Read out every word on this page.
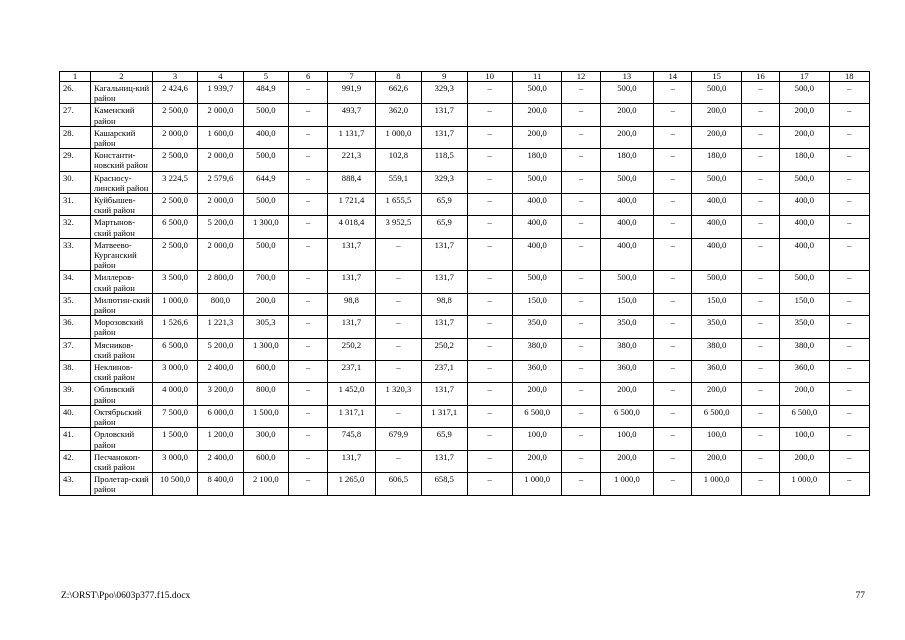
1	2	3	4	5	6	7	8	9	10	11	12	13	14	15	16	17	18
26.	Кагальниц-кий район	2 424,6	1 939,7	484,9	–	991,9	662,6	329,3	–	500,0	–	500,0	–	500,0	–	500,0	–
27.	Каменский район	2 500,0	2 000,0	500,0	–	493,7	362,0	131,7	–	200,0	–	200,0	–	200,0	–	200,0	–
28.	Кашарский район	2 000,0	1 600,0	400,0	–	1 131,7	1 000,0	131,7	–	200,0	–	200,0	–	200,0	–	200,0	–
29.	Константи-новский район	2 500,0	2 000,0	500,0	–	221,3	102,8	118,5	–	180,0	–	180,0	–	180,0	–	180,0	–
30.	Красносу-линский район	3 224,5	2 579,6	644,9	–	888,4	559,1	329,3	–	500,0	–	500,0	–	500,0	–	500,0	–
31.	Куйбышев-ский район	2 500,0	2 000,0	500,0	–	1 721,4	1 655,5	65,9	–	400,0	–	400,0	–	400,0	–	400,0	–
32.	Мартынов-ский район	6 500,0	5 200,0	1 300,0	–	4 018,4	3 952,5	65,9	–	400,0	–	400,0	–	400,0	–	400,0	–
33.	Матвеево-Курганский район	2 500,0	2 000,0	500,0	–	131,7	–	131,7	–	400,0	–	400,0	–	400,0	–	400,0	–
34.	Миллеров-ский район	3 500,0	2 800,0	700,0	–	131,7	–	131,7	–	500,0	–	500,0	–	500,0	–	500,0	–
35.	Милютин-ский район	1 000,0	800,0	200,0	–	98,8	–	98,8	–	150,0	–	150,0	–	150,0	–	150,0	–
36.	Морозовский район	1 526,6	1 221,3	305,3	–	131,7	–	131,7	–	350,0	–	350,0	–	350,0	–	350,0	–
37.	Мясников-ский район	6 500,0	5 200,0	1 300,0	–	250,2	–	250,2	–	380,0	–	380,0	–	380,0	–	380,0	–
38.	Неклинов-ский район	3 000,0	2 400,0	600,0	–	237,1	–	237,1	–	360,0	–	360,0	–	360,0	–	360,0	–
39.	Обливский район	4 000,0	3 200,0	800,0	–	1 452,0	1 320,3	131,7	–	200,0	–	200,0	–	200,0	–	200,0	–
40.	Октябрьский район	7 500,0	6 000,0	1 500,0	–	1 317,1	–	1 317,1	–	6 500,0	–	6 500,0	–	6 500,0	–	6 500,0	–
41.	Орловский район	1 500,0	1 200,0	300,0	–	745,8	679,9	65,9	–	100,0	–	100,0	–	100,0	–	100,0	–
42.	Песчанокоп-ский район	3 000,0	2 400,0	600,0	–	131,7	–	131,7	–	200,0	–	200,0	–	200,0	–	200,0	–
43.	Пролетар-ский район	10 500,0	8 400,0	2 100,0	–	1 265,0	606,5	658,5	–	1 000,0	–	1 000,0	–	1 000,0	–	1 000,0	–
Z:\ORST\Ppo\0603p377.f15.docx	77
